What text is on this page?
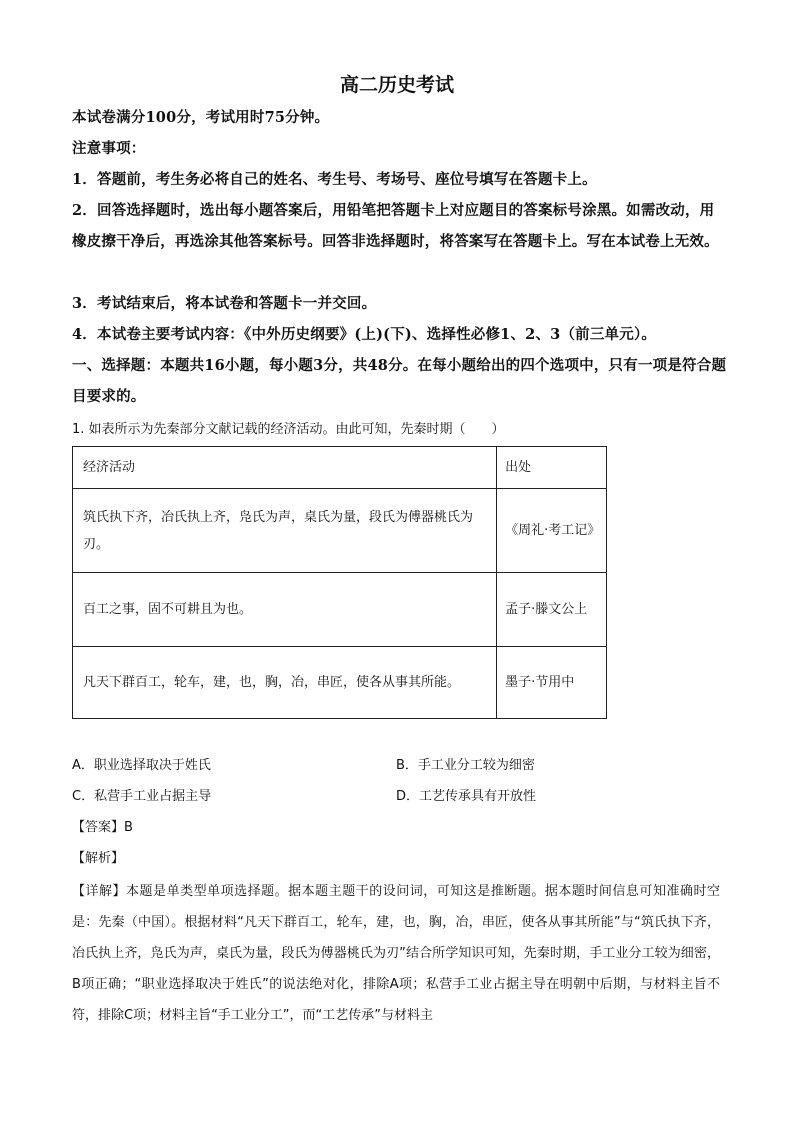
高二历史考试
本试卷满分100分，考试用时75分钟。
注意事项：
1．答题前，考生务必将自己的姓名、考生号、考场号、座位号填写在答题卡上。
2．回答选择题时，选出每小题答案后，用铅笔把答题卡上对应题目的答案标号涂黑。如需改动，用橡皮擦干净后，再选涂其他答案标号。回答非选择题时，将答案写在答题卡上。写在本试卷上无效。
3．考试结束后，将本试卷和答题卡一并交回。
4．本试卷主要考试内容：《中外历史纲要》(上)(下)、选择性必修1、2、3（前三单元）。
一、选择题：本题共16小题，每小题3分，共48分。在每小题给出的四个选项中，只有一项是符合题目要求的。
1. 如表所示为先秦部分文献记载的经济活动。由此可知，先秦时期（　　）
经济活动	出处
筑氏执下齐，冶氏执上齐，凫氏为声，桌氏为量，段氏为傅器桃氏为刃。	《周礼·考工记》
百工之事，固不可耕且为也。	孟子·滕文公上
凡天下群百工，轮车，建，也，胸，冶，串匠，使各从事其所能。	墨子·节用中
A．职业选择取决于姓氏	B．手工业分工较为细密
C．私营手工业占据主导	D．工艺传承具有开放性
【答案】B
【解析】
【详解】本题是单类型单项选择题。据本题主题干的设问词，可知这是推断题。据本题时间信息可知准确时空是：先秦（中国）。根据材料“凡天下群百工，轮车，建，也，胸，冶，串匠，使各从事其所能”与“筑氏执下齐，冶氏执上齐，凫氏为声，桌氏为量，段氏为傅器桃氏为刃”结合所学知识可知，先秦时期，手工业分工较为细密，B项正确；“职业选择取决于姓氏”的说法绝对化，排除A项；私营手工业占据主导在明朝中后期，与材料主旨不符，排除C项；材料主旨“手工业分工”，而“工艺传承”与材料主
